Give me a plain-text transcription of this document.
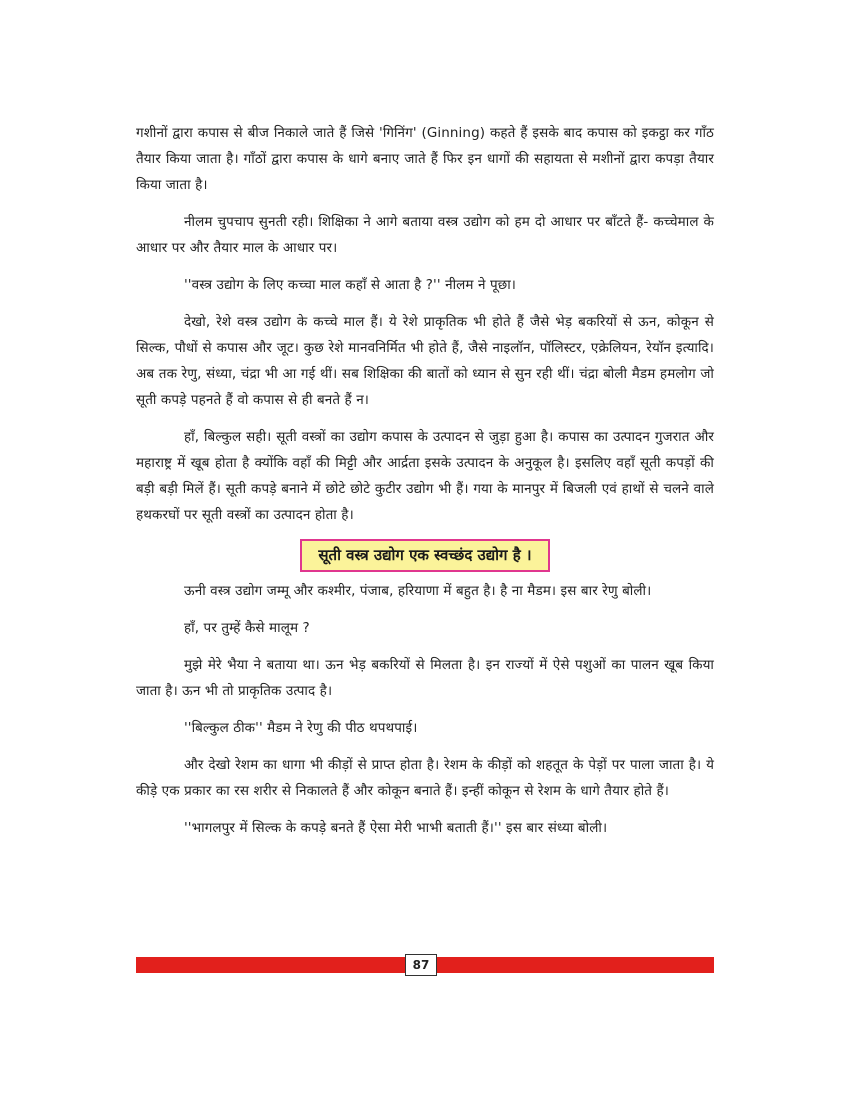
गशीनों द्वारा कपास से बीज निकाले जाते हैं जिसे 'गिनिंग' (Ginning) कहते हैं इसके बाद कपास को इकट्ठा कर गाँठ तैयार किया जाता है। गाँठों द्वारा कपास के धागे बनाए जाते हैं फिर इन धागों की सहायता से मशीनों द्वारा कपड़ा तैयार किया जाता है।

नीलम चुपचाप सुनती रही। शिक्षिका ने आगे बताया वस्त्र उद्योग को हम दो आधार पर बाँटते हैं- कच्चेमाल के आधार पर और तैयार माल के आधार पर।

''वस्त्र उद्योग के लिए कच्चा माल कहाँ से आता है ?'' नीलम ने पूछा।

देखो, रेशे वस्त्र उद्योग के कच्चे माल हैं। ये रेशे प्राकृतिक भी होते हैं जैसे भेड़ बकरियों से ऊन, कोकून से सिल्क, पौधों से कपास और जूट। कुछ रेशे मानवनिर्मित भी होते हैं, जैसे नाइलॉन, पॉलिस्टर, एक्रेलियन, रेयॉन इत्यादि। अब तक रेणु, संध्या, चंद्रा भी आ गई थीं। सब शिक्षिका की बातों को ध्यान से सुन रही थीं। चंद्रा बोली मैडम हमलोग जो सूती कपड़े पहनते हैं वो कपास से ही बनते हैं न।

हाँ, बिल्कुल सही। सूती वस्त्रों का उद्योग कपास के उत्पादन से जुड़ा हुआ है। कपास का उत्पादन गुजरात और महाराष्ट्र में खूब होता है क्योंकि वहाँ की मिट्टी और आर्द्रता इसके उत्पादन के अनुकूल है। इसलिए वहाँ सूती कपड़ों की बड़ी बड़ी मिलें हैं। सूती कपड़े बनाने में छोटे छोटे कुटीर उद्योग भी हैं। गया के मानपुर में बिजली एवं हाथों से चलने वाले हथकरघों पर सूती वस्त्रों का उत्पादन होता है।

सूती वस्त्र उद्योग एक स्वच्छंद उद्योग है ।

ऊनी वस्त्र उद्योग जम्मू और कश्मीर, पंजाब, हरियाणा में बहुत है। है ना मैडम। इस बार रेणु बोली।

हाँ, पर तुम्हें कैसे मालूम ?

मुझे मेरे भैया ने बताया था। ऊन भेड़ बकरियों से मिलता है। इन राज्यों में ऐसे पशुओं का पालन खूब किया जाता है। ऊन भी तो प्राकृतिक उत्पाद है।

''बिल्कुल ठीक'' मैडम ने रेणु की पीठ थपथपाई।

और देखो रेशम का धागा भी कीड़ों से प्राप्त होता है। रेशम के कीड़ों को शहतूत के पेड़ों पर पाला जाता है। ये कीड़े एक प्रकार का रस शरीर से निकालते हैं और कोकून बनाते हैं। इन्हीं कोकून से रेशम के धागे तैयार होते हैं।

''भागलपुर में सिल्क के कपड़े बनते हैं ऐसा मेरी भाभी बताती हैं।'' इस बार संध्या बोली।

87
